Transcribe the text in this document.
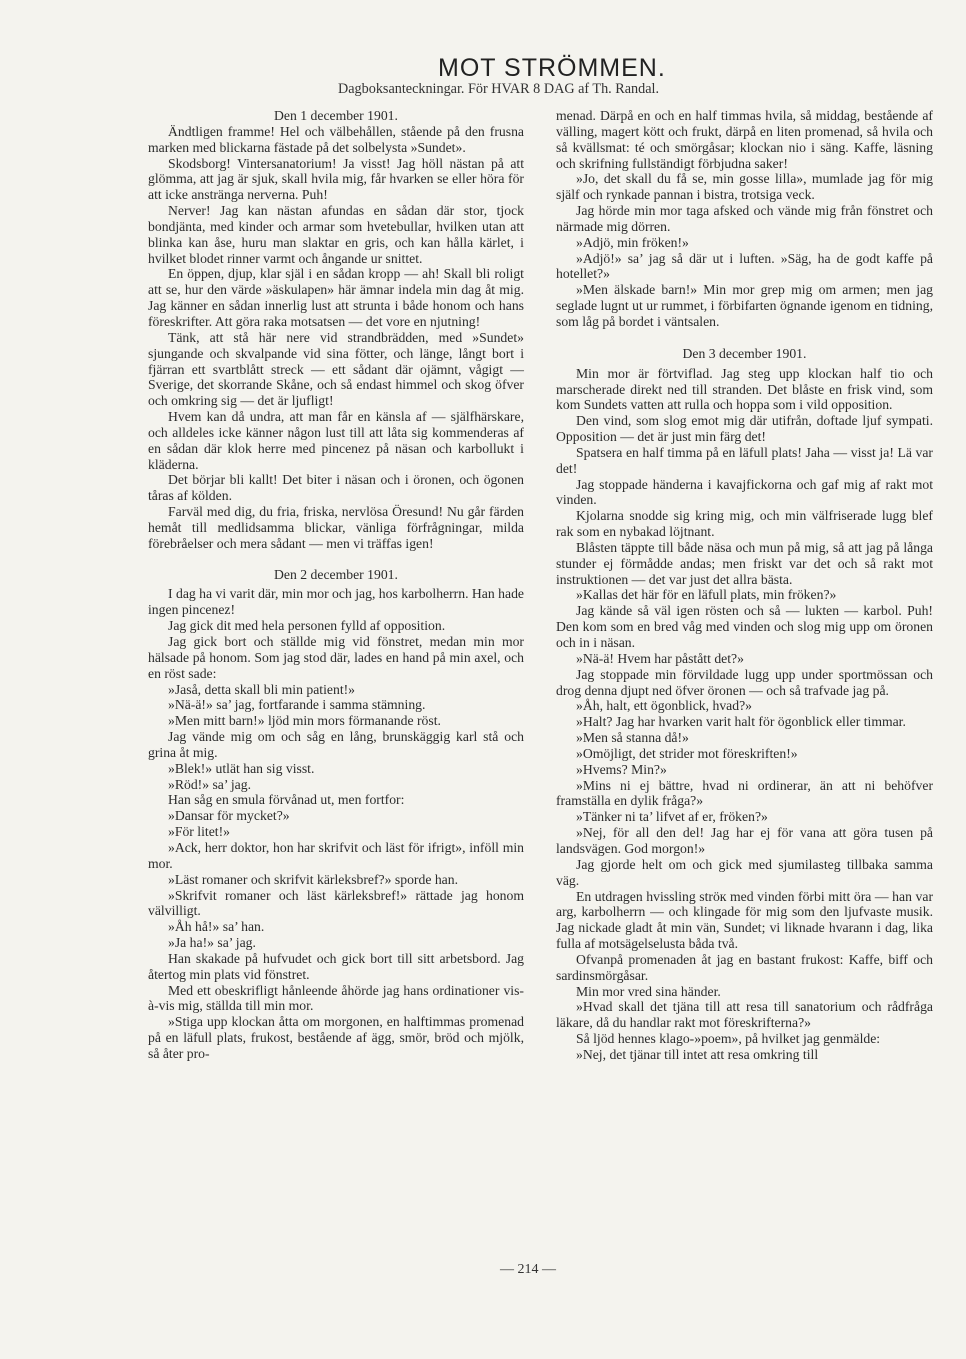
MOT STRÖMMEN.
Dagboksanteckningar. För HVAR 8 DAG af Th. Randal.

Den 1 december 1901.

Ändtligen framme! Hel och välbehållen, stående på den frusna marken med blickarna fästade på det solbelysta »Sundet».

Skodsborg! Vintersanatorium! Ja visst! Jag höll nästan på att glömma, att jag är sjuk, skall hvila mig, får hvarken se eller höra för att icke anstränga nerverna. Puh!

Nerver! Jag kan nästan afundas en sådan där stor, tjock bondjänta, med kinder och armar som hvetebullar, hvilken utan att blinka kan åse, huru man slaktar en gris, och kan hålla kärlet, i hvilket blodet rinner varmt och ångande ur snittet.

En öppen, djup, klar själ i en sådan kropp — ah! Skall bli roligt att se, hur den värde »äskulapen» här ämnar indela min dag åt mig. Jag känner en sådan innerlig lust att strunta i både honom och hans föreskrifter. Att göra raka motsatsen — det vore en njutning!

Tänk, att stå här nere vid strandbrädden, med »Sundet» sjungande och skvalpande vid sina fötter, och länge, långt bort i fjärran ett svartblått streck — ett sådant där ojämnt, vågigt — Sverige, det skorrande Skåne, och så endast himmel och skog öfver och omkring sig — det är ljufligt!

Hvem kan då undra, att man får en känsla af — själfhärskare, och alldeles icke känner någon lust till att låta sig kommenderas af en sådan där klok herre med pincenez på näsan och karbollukt i kläderna.

Det börjar bli kallt! Det biter i näsan och i öronen, och ögonen tåras af kölden.

Farväl med dig, du fria, friska, nervlösa Öresund! Nu går färden hemåt till medlidsamma blickar, vänliga förfrågningar, milda förebråelser och mera sådant — men vi träffas igen!

Den 2 december 1901.

I dag ha vi varit där, min mor och jag, hos karbolherrn. Han hade ingen pincenez!

Jag gick dit med hela personen fylld af opposition.

Jag gick bort och ställde mig vid fönstret, medan min mor hälsade på honom. Som jag stod där, lades en hand på min axel, och en röst sade:

»Jaså, detta skall bli min patient!»

»Nä-ä!» sa’ jag, fortfarande i samma stämning.

»Men mitt barn!» ljöd min mors förmanande röst.

Jag vände mig om och såg en lång, brunskäggig karl stå och grina åt mig.

»Blek!» utlät han sig visst.

»Röd!» sa’ jag.

Han såg en smula förvånad ut, men fortfor:

»Dansar för mycket?»

»För litet!»

»Ack, herr doktor, hon har skrifvit och läst för ifrigt», inföll min mor.

»Läst romaner och skrifvit kärleksbref?» sporde han.

»Skrifvit romaner och läst kärleksbref!» rättade jag honom välvilligt.

»Åh hå!» sa’ han.

»Ja ha!» sa’ jag.

Han skakade på hufvudet och gick bort till sitt arbetsbord. Jag återtog min plats vid fönstret.

Med ett obeskrifligt hånleende åhörde jag hans ordinationer vis-à-vis mig, ställda till min mor.

»Stiga upp klockan åtta om morgonen, en halftimmas promenad på en läfull plats, frukost, bestående af ägg, smör, bröd och mjölk, så åter pro-

menad. Därpå en och en half timmas hvila, så middag, bestående af välling, magert kött och frukt, därpå en liten promenad, så hvila och så kvällsmat: té och smörgåsar; klockan nio i säng. Kaffe, läsning och skrifning fullständigt förbjudna saker!

»Jo, det skall du få se, min gosse lilla», mumlade jag för mig själf och rynkade pannan i bistra, trotsiga veck.

Jag hörde min mor taga afsked och vände mig från fönstret och närmade mig dörren.

»Adjö, min fröken!»

»Adjö!» sa’ jag så där ut i luften. »Säg, ha de godt kaffe på hotellet?»

»Men älskade barn!» Min mor grep mig om armen; men jag seglade lugnt ut ur rummet, i förbifarten ögnande igenom en tidning, som låg på bordet i väntsalen.

Den 3 december 1901.

Min mor är förtviflad. Jag steg upp klockan half tio och marscherade direkt ned till stranden. Det blåste en frisk vind, som kom Sundets vatten att rulla och hoppa som i vild opposition.

Den vind, som slog emot mig där utifrån, doftade ljuf sympati. Opposition — det är just min färg det!

Spatsera en half timma på en läfull plats! Jaha — visst ja! Lä var det!

Jag stoppade händerna i kavajfickorna och gaf mig af rakt mot vinden.

Kjolarna snodde sig kring mig, och min välfriserade lugg blef rak som en nybakad löjtnant.

Blåsten täppte till både näsa och mun på mig, så att jag på långa stunder ej förmådde andas; men friskt var det och så rakt mot instruktionen — det var just det allra bästa.

»Kallas det här för en läfull plats, min fröken?»

Jag kände så väl igen rösten och så — lukten — karbol. Puh! Den kom som en bred våg med vinden och slog mig upp om öronen och in i näsan.

»Nä-ä! Hvem har påstått det?»

Jag stoppade min förvildade lugg upp under sportmössan och drog denna djupt ned öfver öronen — och så trafvade jag på.

»Åh, halt, ett ögonblick, hvad?»

»Halt? Jag har hvarken varit halt för ögonblick eller timmar.

»Men så stanna då!»

»Omöjligt, det strider mot föreskriften!»

»Hvems? Min?»

»Mins ni ej bättre, hvad ni ordinerar, än att ni behöfver framställa en dylik fråga?»

»Tänker ni ta’ lifvet af er, fröken?»

»Nej, för all den del! Jag har ej för vana att göra tusen på landsvägen. God morgon!»

Jag gjorde helt om och gick med sjumilasteg tillbaka samma väg.

En utdragen hvissling ströк med vinden förbi mitt öra — han var arg, karbolherrn — och klingade för mig som den ljufvaste musik. Jag nickade gladt åt min vän, Sundet; vi liknade hvarann i dag, lika fulla af motsägelselusta båda två.

Ofvanpå promenaden åt jag en bastant frukost: Kaffe, biff och sardinsmörgåsar.

Min mor vred sina händer.

»Hvad skall det tjäna till att resa till sanatorium och rådfråga läkare, då du handlar rakt mot föreskrifterna?»

Så ljöd hennes klago-»poem», på hvilket jag genmälde:

»Nej, det tjänar till intet att resa omkring till

— 214 —
